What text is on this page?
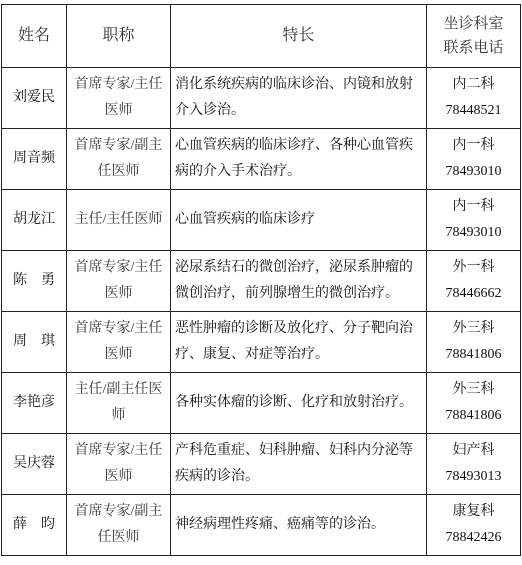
姓名	职称	特长	坐诊科室
联系电话

刘爱民	首席专家/主任医师	消化系统疾病的临床诊治、内镜和放射介入诊治。	内二科
78448521

周音频	首席专家/副主任医师	心血管疾病的临床诊疗、各种心血管疾病的介入手术治疗。	内一科
78493010

胡龙江	主任/主任医师	心血管疾病的临床诊疗	内一科
78493010

陈　勇	首席专家/主任医师	泌尿系结石的微创治疗，泌尿系肿瘤的微创治疗，前列腺增生的微创治疗。	外一科
78446662

周　琪	首席专家/主任医师	恶性肿瘤的诊断及放化疗、分子靶向治疗、康复、对症等治疗。	外三科
78841806

李艳彦	主任/副主任医师	各种实体瘤的诊断、化疗和放射治疗。	外三科
78841806

吴庆蓉	首席专家/主任医师	产科危重症、妇科肿瘤、妇科内分泌等疾病的诊治。	妇产科
78493013

薛　昀	首席专家/副主任医师	神经病理性疼痛、癌痛等的诊治。	康复科
78842426
